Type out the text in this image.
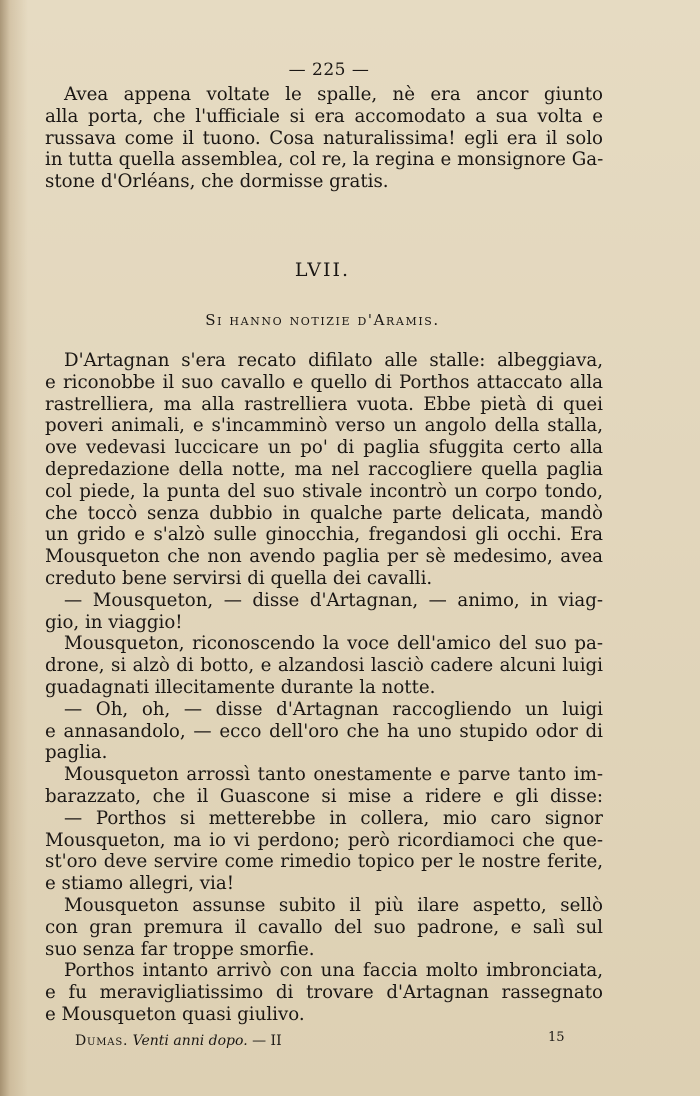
— 225 —
Avea appena voltate le spalle, nè era ancor giunto
alla porta, che l'ufficiale si era accomodato a sua volta e
russava come il tuono. Cosa naturalissima! egli era il solo
in tutta quella assemblea, col re, la regina e monsignore Ga-
stone d'Orléans, che dormisse gratis.
LVII.
Si hanno notizie d'Aramis.
D'Artagnan s'era recato difilato alle stalle: albeggiava,
e riconobbe il suo cavallo e quello di Porthos attaccato alla
rastrelliera, ma alla rastrelliera vuota. Ebbe pietà di quei
poveri animali, e s'incamminò verso un angolo della stalla,
ove vedevasi luccicare un po' di paglia sfuggita certo alla
depredazione della notte, ma nel raccogliere quella paglia
col piede, la punta del suo stivale incontrò un corpo tondo,
che toccò senza dubbio in qualche parte delicata, mandò
un grido e s'alzò sulle ginocchia, fregandosi gli occhi. Era
Mousqueton che non avendo paglia per sè medesimo, avea
creduto bene servirsi di quella dei cavalli.
— Mousqueton, — disse d'Artagnan, — animo, in viag-
gio, in viaggio!
Mousqueton, riconoscendo la voce dell'amico del suo pa-
drone, si alzò di botto, e alzandosi lasciò cadere alcuni luigi
guadagnati illecitamente durante la notte.
— Oh, oh, — disse d'Artagnan raccogliendo un luigi
e annasandolo, — ecco dell'oro che ha uno stupido odor di
paglia.
Mousqueton arrossì tanto onestamente e parve tanto im-
barazzato, che il Guascone si mise a ridere e gli disse:
— Porthos si metterebbe in collera, mio caro signor
Mousqueton, ma io vi perdono; però ricordiamoci che que-
st'oro deve servire come rimedio topico per le nostre ferite,
e stiamo allegri, via!
Mousqueton assunse subito il più ilare aspetto, sellò
con gran premura il cavallo del suo padrone, e salì sul
suo senza far troppe smorfie.
Porthos intanto arrivò con una faccia molto imbronciata,
e fu meravigliatissimo di trovare d'Artagnan rassegnato
e Mousqueton quasi giulivo.
Dumas. Venti anni dopo. — II	15
